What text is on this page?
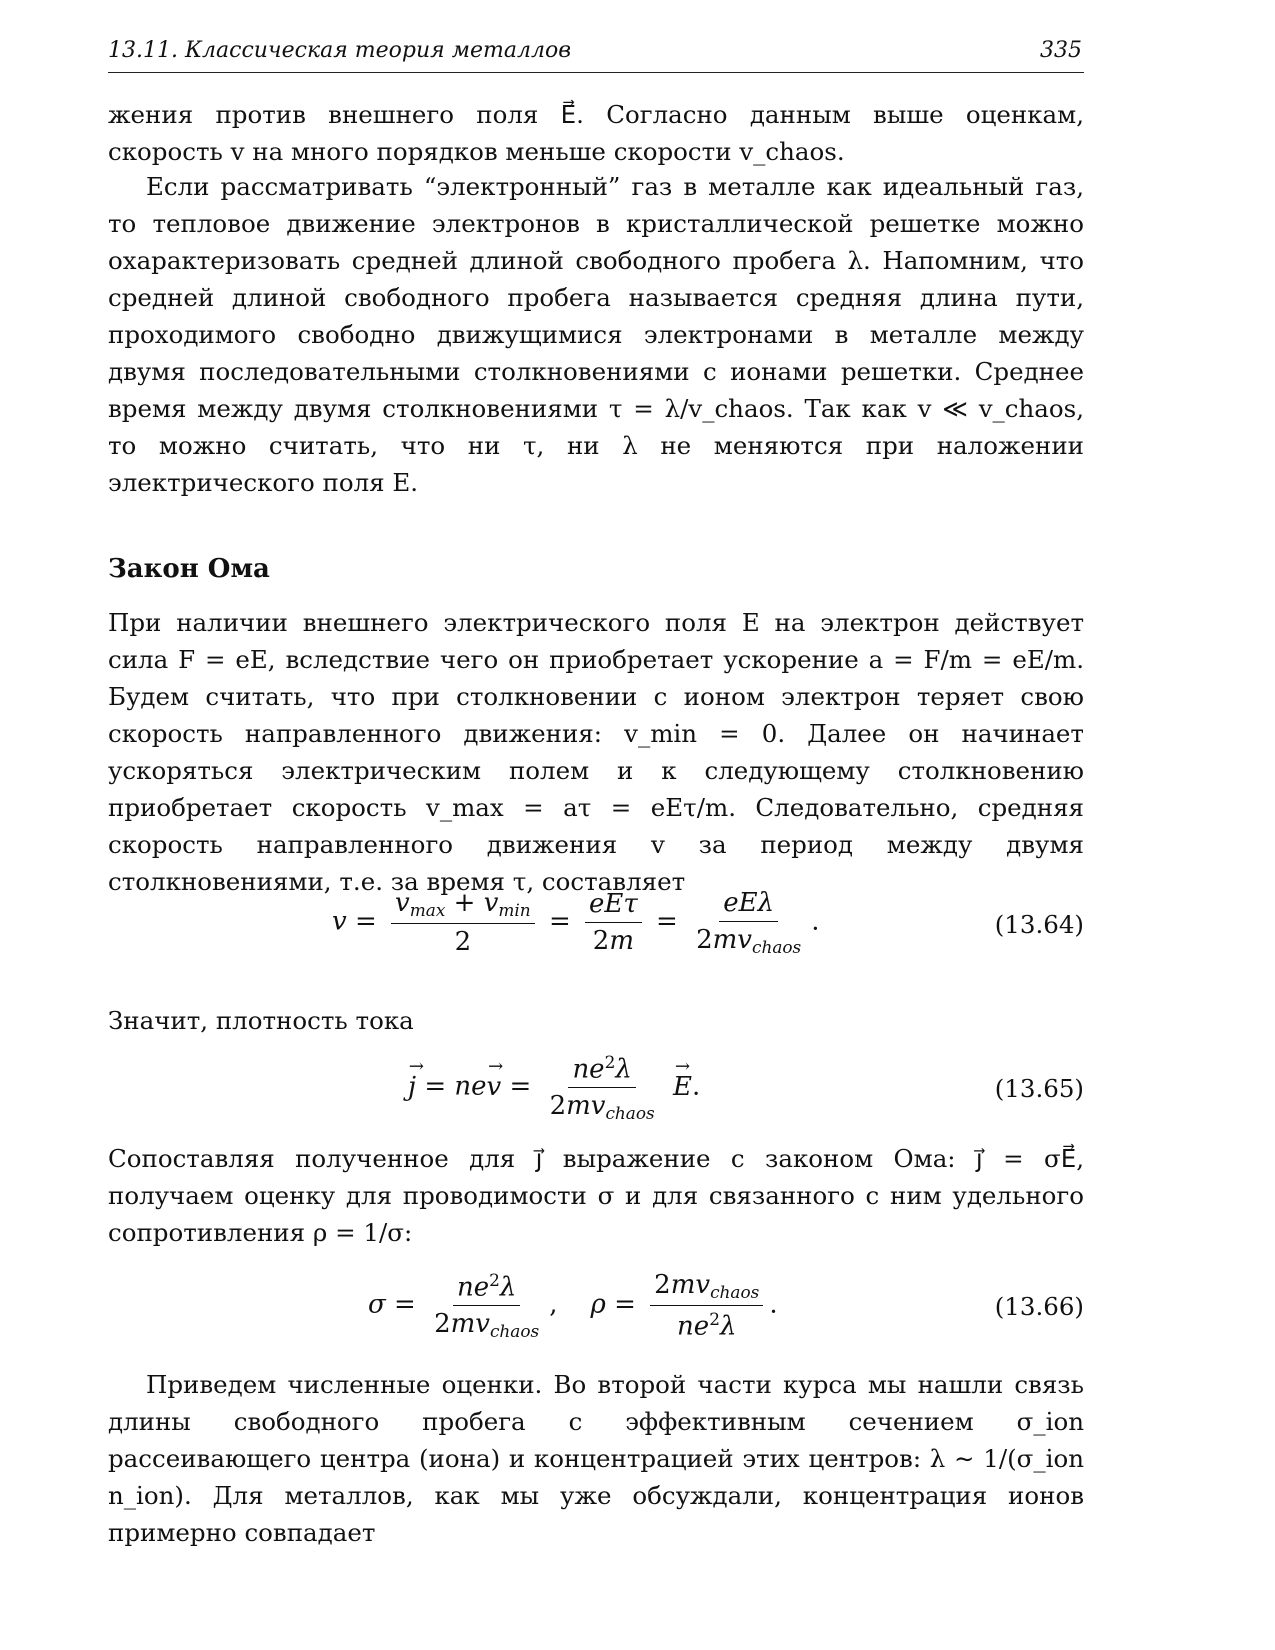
13.11. Классическая теория металлов	335
жения против внешнего поля E⃗. Согласно данным выше оценкам, скорость v на много порядков меньше скорости v_chaos.
Если рассматривать “электронный” газ в металле как идеальный газ, то тепловое движение электронов в кристаллической решетке можно охарактеризовать средней длиной свободного пробега λ. Напомним, что средней длиной свободного пробега называется средняя длина пути, проходимого свободно движущимися электронами в металле между двумя последовательными столкновениями с ионами решетки. Среднее время между двумя столкновениями τ = λ/v_chaos. Так как v ≪ v_chaos, то можно считать, что ни τ, ни λ не меняются при наложении электрического поля E.
Закон Ома
При наличии внешнего электрического поля E на электрон действует сила F = eE, вследствие чего он приобретает ускорение a = F/m = eE/m. Будем считать, что при столкновении с ионом электрон теряет свою скорость направленного движения: v_min = 0. Далее он начинает ускоряться электрическим полем и к следующему столкновению приобретает скорость v_max = aτ = eEτ/m. Следовательно, средняя скорость направленного движения v за период между двумя столкновениями, т.е. за время τ, составляет
$v = \frac{v_{max} + v_{min}}{2} = \frac{\text{eEτ}}{2m} = \frac{\text{eEλ}}{2mv_{chaos}}$ .	(13.64)
Значит, плотность тока
→ $j = ne\to v = \frac{ne^2\lambda}{2mv_{chaos}}$
→ E.	(13.65)
Сопоставляя полученное для j⃗ выражение с законом Ома: j⃗ = σE⃗, получаем оценку для проводимости σ и для связанного с ним удельного сопротивления ρ = 1/σ:
$\sigma = \frac{ne^2\lambda}{2mv_{chaos}}$ ,    $\rho = \frac{2mv_{chaos}}{ne^2\lambda}$ .	(13.66)
Приведем численные оценки. Во второй части курса мы нашли связь длины свободного пробега с эффективным сечением σ_ion рассеивающего центра (иона) и концентрацией этих центров: λ ∼ 1/(σ_ion n_ion). Для металлов, как мы уже обсуждали, концентрация ионов примерно совпадает
